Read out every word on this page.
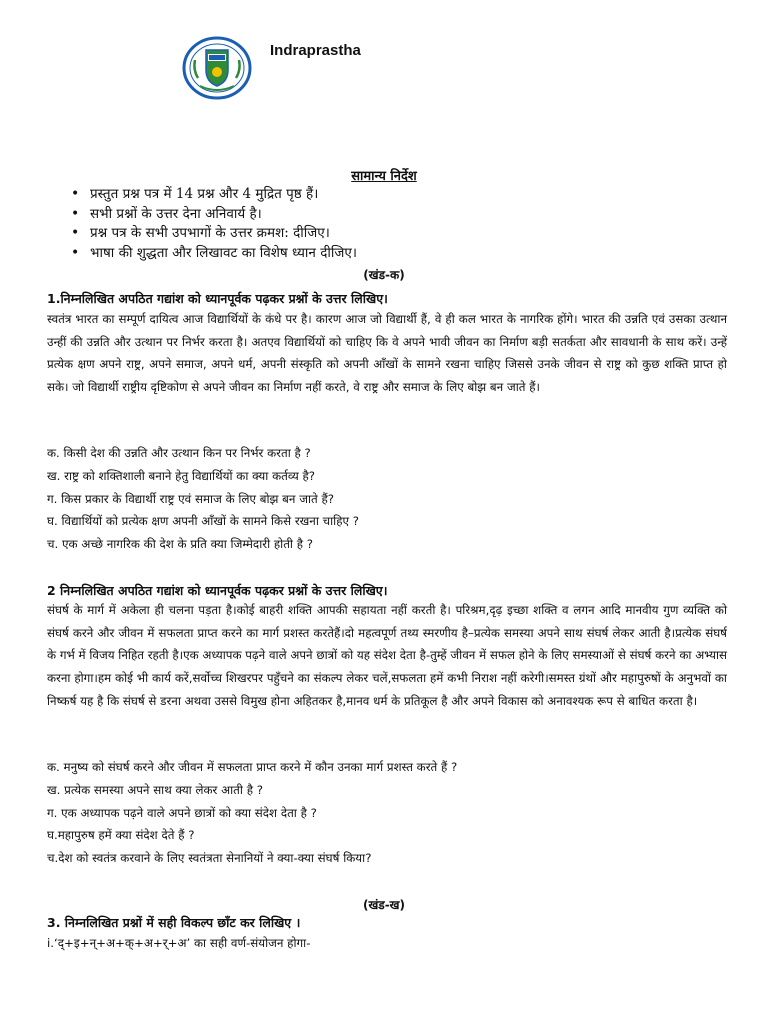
Indraprastha
सामान्य निर्देश
• प्रस्तुत प्रश्न पत्र में 14 प्रश्न और 4 मुद्रित पृष्ठ हैं।
• सभी प्रश्नों के उत्तर देना अनिवार्य है।
• प्रश्न पत्र के सभी उपभागों के उत्तर क्रमश: दीजिए।
• भाषा की शुद्धता और लिखावट का विशेष ध्यान दीजिए।
(खंड-क)
1.निम्नलिखित अपठित गद्यांश को ध्यानपूर्वक पढ़कर प्रश्नों के उत्तर लिखिए।
स्वतंत्र भारत का सम्पूर्ण दायित्व आज विद्यार्थियों के कंधे पर है। कारण आज जो विद्यार्थी हैं, वे ही कल भारत के नागरिक होंगे। भारत की उन्नति एवं उसका उत्थान उन्हीं की उन्नति और उत्थान पर निर्भर करता है। अतएव विद्यार्थियों को चाहिए कि वे अपने भावी जीवन का निर्माण बड़ी सतर्कता और सावधानी के साथ करें। उन्हें प्रत्येक क्षण अपने राष्ट्र, अपने समाज, अपने धर्म, अपनी संस्कृति को अपनी आँखों के सामने रखना चाहिए जिससे उनके जीवन से राष्ट्र को कुछ शक्ति प्राप्त हो सके। जो विद्यार्थी राष्ट्रीय दृष्टिकोण से अपने जीवन का निर्माण नहीं करते, वे राष्ट्र और समाज के लिए बोझ बन जाते हैं।
क. किसी देश की उन्नति और उत्थान किन पर निर्भर करता है ?
ख. राष्ट्र को शक्तिशाली बनाने हेतु विद्यार्थियों का क्या कर्तव्य है?
ग. किस प्रकार के विद्यार्थी राष्ट्र एवं समाज के लिए बोझ बन जाते हैं?
घ. विद्यार्थियों को प्रत्येक क्षण अपनी आँखों के सामने किसे रखना चाहिए ?
च. एक अच्छे नागरिक की देश के प्रति क्या जिम्मेदारी होती है ?
2 निम्नलिखित अपठित गद्यांश को ध्यानपूर्वक पढ़कर प्रश्नों के उत्तर लिखिए।
संघर्ष के मार्ग में अकेला ही चलना पड़ता है।कोई बाहरी शक्ति आपकी सहायता नहीं करती है। परिश्रम,दृढ़ इच्छा शक्ति व लगन आदि मानवीय गुण व्यक्ति को संघर्ष करने और जीवन में सफलता प्राप्त करने का मार्ग प्रशस्त करतेहैं।दो महत्वपूर्ण तथ्य स्मरणीय है–प्रत्येक समस्या अपने साथ संघर्ष लेकर आती है।प्रत्येक संघर्ष के गर्भ में विजय निहित रहती है।एक अध्यापक पढ़ने वाले अपने छात्रों को यह संदेश देता है-तुम्हें जीवन में सफल होने के लिए समस्याओं से संघर्ष करने का अभ्यास करना होगा।हम कोई भी कार्य करें,सर्वोच्च शिखरपर पहुँचने का संकल्प लेकर चलें,सफलता हमें कभी निराश नहीं करेगी।समस्त ग्रंथों और महापुरुषों के अनुभवों का निष्कर्ष यह है कि संघर्ष से डरना अथवा उससे विमुख होना अहितकर है,मानव धर्म के प्रतिकूल है और अपने विकास को अनावश्यक रूप से बाधित करता है।
क. मनुष्य को संघर्ष करने और जीवन में सफलता प्राप्त करने में कौन उनका मार्ग प्रशस्त करते हैं ?
ख. प्रत्येक समस्या अपने साथ क्या लेकर आती है ?
ग. एक अध्यापक पढ़ने वाले अपने छात्रों को क्या संदेश देता है ?
घ.महापुरुष हमें क्या संदेश देते हैं ?
च.देश को स्वतंत्र करवाने के लिए स्वतंत्रता सेनानियों ने क्या-क्या संघर्ष किया?
(खंड-ख)
3. निम्नलिखित प्रश्नों में सही विकल्प छाँट कर लिखिए ।
i.‘द्+इ+न्+अ+क्+अ+र्+अ’ का सही वर्ण-संयोजन होगा-
